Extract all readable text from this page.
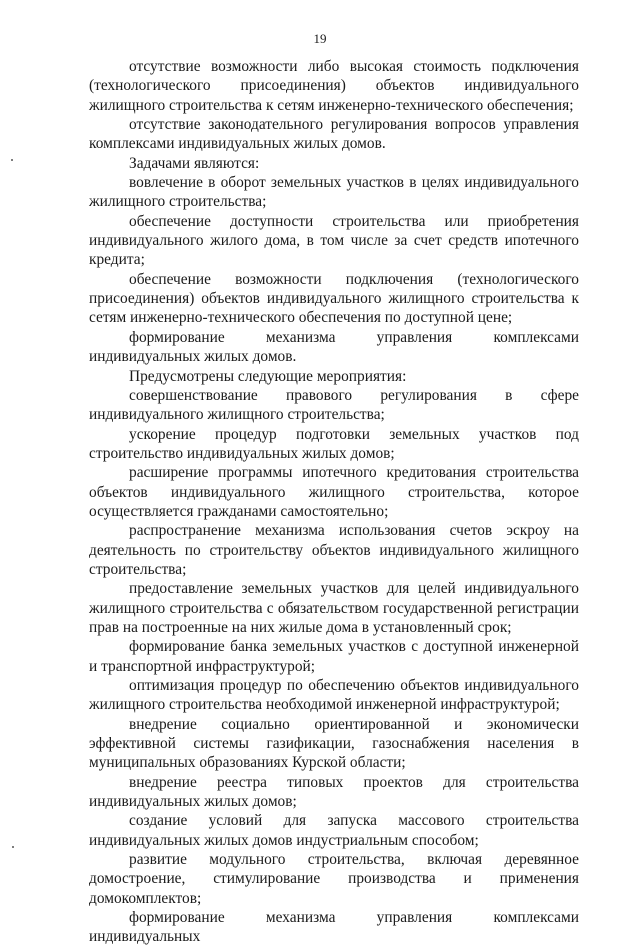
19

отсутствие возможности либо высокая стоимость подключения (технологического присоединения) объектов индивидуального жилищного строительства к сетям инженерно-технического обеспечения;

отсутствие законодательного регулирования вопросов управления комплексами индивидуальных жилых домов.

Задачами являются:

вовлечение в оборот земельных участков в целях индивидуального жилищного строительства;

обеспечение доступности строительства или приобретения индивидуального жилого дома, в том числе за счет средств ипотечного кредита;

обеспечение возможности подключения (технологического присоединения) объектов индивидуального жилищного строительства к сетям инженерно-технического обеспечения по доступной цене;

формирование механизма управления комплексами индивидуальных жилых домов.

Предусмотрены следующие мероприятия:

совершенствование правового регулирования в сфере индивидуального жилищного строительства;

ускорение процедур подготовки земельных участков под строительство индивидуальных жилых домов;

расширение программы ипотечного кредитования строительства объектов индивидуального жилищного строительства, которое осуществляется гражданами самостоятельно;

распространение механизма использования счетов эскроу на деятельность по строительству объектов индивидуального жилищного строительства;

предоставление земельных участков для целей индивидуального жилищного строительства с обязательством государственной регистрации прав на построенные на них жилые дома в установленный срок;

формирование банка земельных участков с доступной инженерной и транспортной инфраструктурой;

оптимизация процедур по обеспечению объектов индивидуального жилищного строительства необходимой инженерной инфраструктурой;

внедрение социально ориентированной и экономически эффективной системы газификации, газоснабжения населения в муниципальных образованиях Курской области;

внедрение реестра типовых проектов для строительства индивидуальных жилых домов;

создание условий для запуска массового строительства индивидуальных жилых домов индустриальным способом;

развитие модульного строительства, включая деревянное домостроение, стимулирование производства и применения домокомплектов;

формирование механизма управления комплексами индивидуальных
